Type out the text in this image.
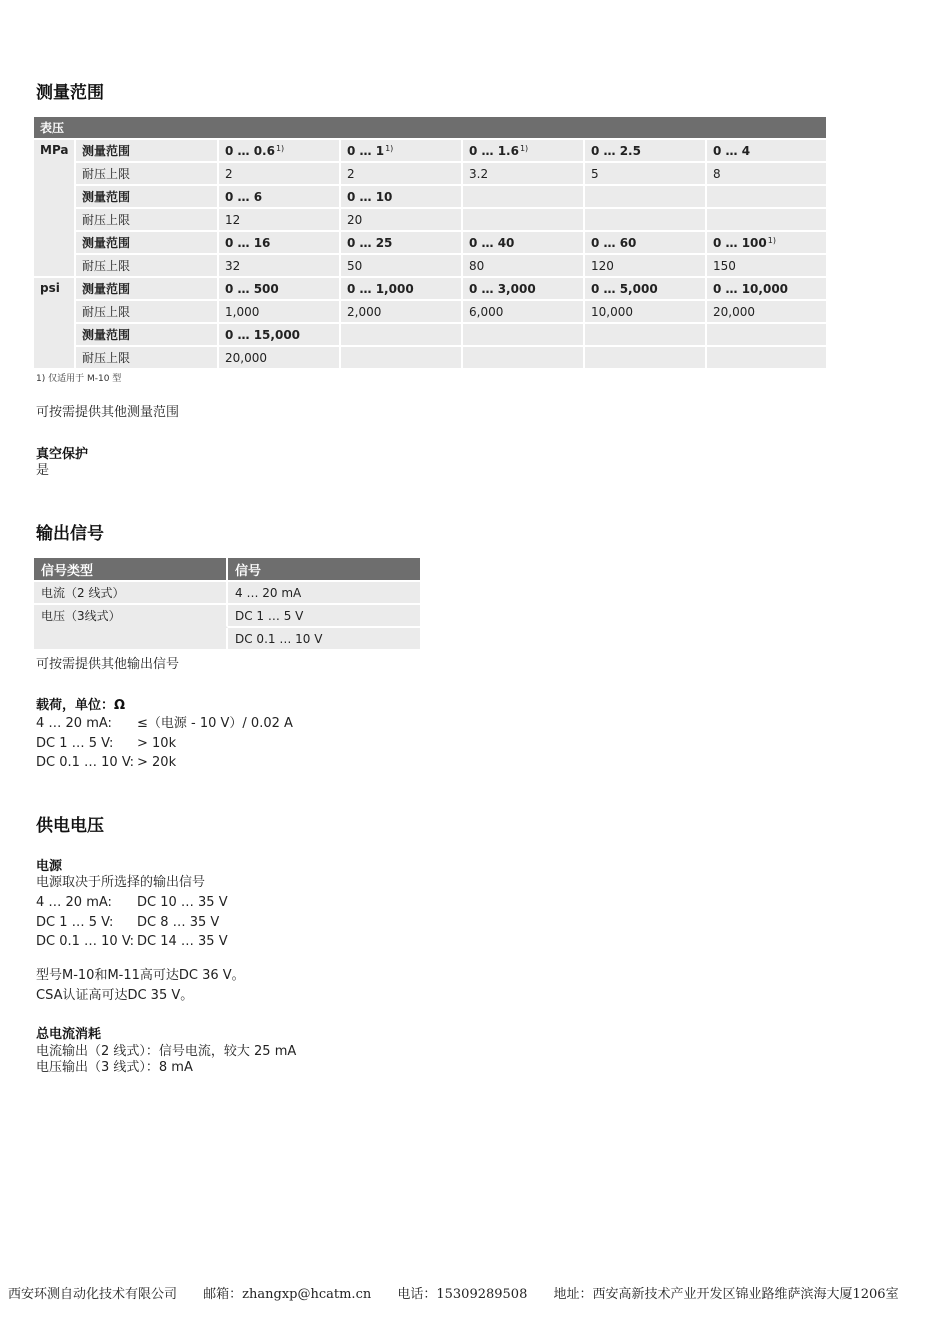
测量范围
表压						
MPa	测量范围	0 … 0.6$^{1)}$	0 … 1$^{1)}$	0 … 1.6$^{1)}$	0 … 2.5	0 … 4
	耐压上限	2	2	3.2	5	8
	测量范围	0 … 6	0 … 10			
	耐压上限	12	20			
	测量范围	0 … 16	0 … 25	0 … 40	0 … 60	0 … 100$^{1)}$
	耐压上限	32	50	80	120	150
psi	测量范围	0 … 500	0 … 1,000	0 … 3,000	0 … 5,000	0 … 10,000
	耐压上限	1,000	2,000	6,000	10,000	20,000
	测量范围	0 … 15,000				
	耐压上限	20,000				
1) 仅适用于 M-10 型
可按需提供其他测量范围
真空保护
是
输出信号
信号类型	信号
电流（2 线式）	4 … 20 mA
电压（3线式）	DC 1 … 5 V
	DC 0.1 … 10 V
可按需提供其他输出信号
载荷，单位：Ω
4 … 20 mA: ≤（电源 - 10 V）/ 0.02 A
DC 1 … 5 V: > 10k
DC 0.1 … 10 V: > 20k
供电电压
电源
电源取决于所选择的输出信号
4 … 20 mA: DC 10 … 35 V
DC 1 … 5 V: DC 8 … 35 V
DC 0.1 … 10 V: DC 14 … 35 V
型号M-10和M-11高可达DC 36 V。
CSA认证高可达DC 35 V。
总电流消耗
电流输出（2 线式）：信号电流，较大 25 mA
电压输出（3 线式）：8 mA
西安环测自动化技术有限公司 邮箱：zhangxp@hcatm.cn 电话：15309289508 地址：西安高新技术产业开发区锦业路维萨滨海大厦1206室
